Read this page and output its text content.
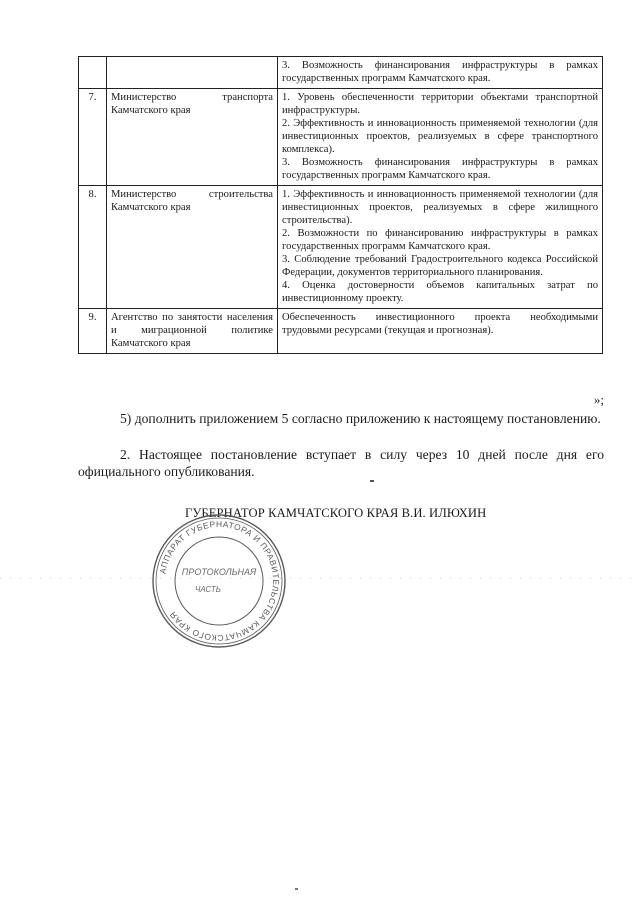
		3. Возможность финансирования инфраструктуры в рамках государственных программ Камчатского края.

7.	Министерство транспорта Камчатского края	1. Уровень обеспеченности территории объектами транспортной инфраструктуры.

2. Эффективность и инновационность применяемой технологии (для инвестиционных проектов, реализуемых в сфере транспортного комплекса).

3. Возможность финансирования инфраструктуры в рамках государственных программ Камчатского края.

8.	Министерство строительства Камчатского края	1. Эффективность и инновационность применяемой технологии (для инвестиционных проектов, реализуемых в сфере жилищного строительства).

2. Возможности по финансированию инфраструктуры в рамках государственных программ Камчатского края.

3. Соблюдение требований Градостроительного кодекса Российской Федерации, документов территориального планирования.

4. Оценка достоверности объемов капитальных затрат по инвестиционному проекту.

9.	Агентство по занятости населения и миграционной политике Камчатского края	Обеспеченность инвестиционного проекта необходимыми трудовыми ресурсами (текущая и прогнозная).

»;

5) дополнить приложением 5 согласно приложению к настоящему постановлению.

2. Настоящее постановление вступает в силу через 10 дней после дня его официального опубликования.

ГУБЕРНАТОР КАМЧАТСКОГО КРАЯ В.И. ИЛЮХИН
АППАРАТ ГУБЕРНАТОРА И ПРАВИТЕЛЬСТВА КАМЧАТСКОГО КРАЯ
ПРОТОКОЛЬНАЯ
ЧАСТЬ
